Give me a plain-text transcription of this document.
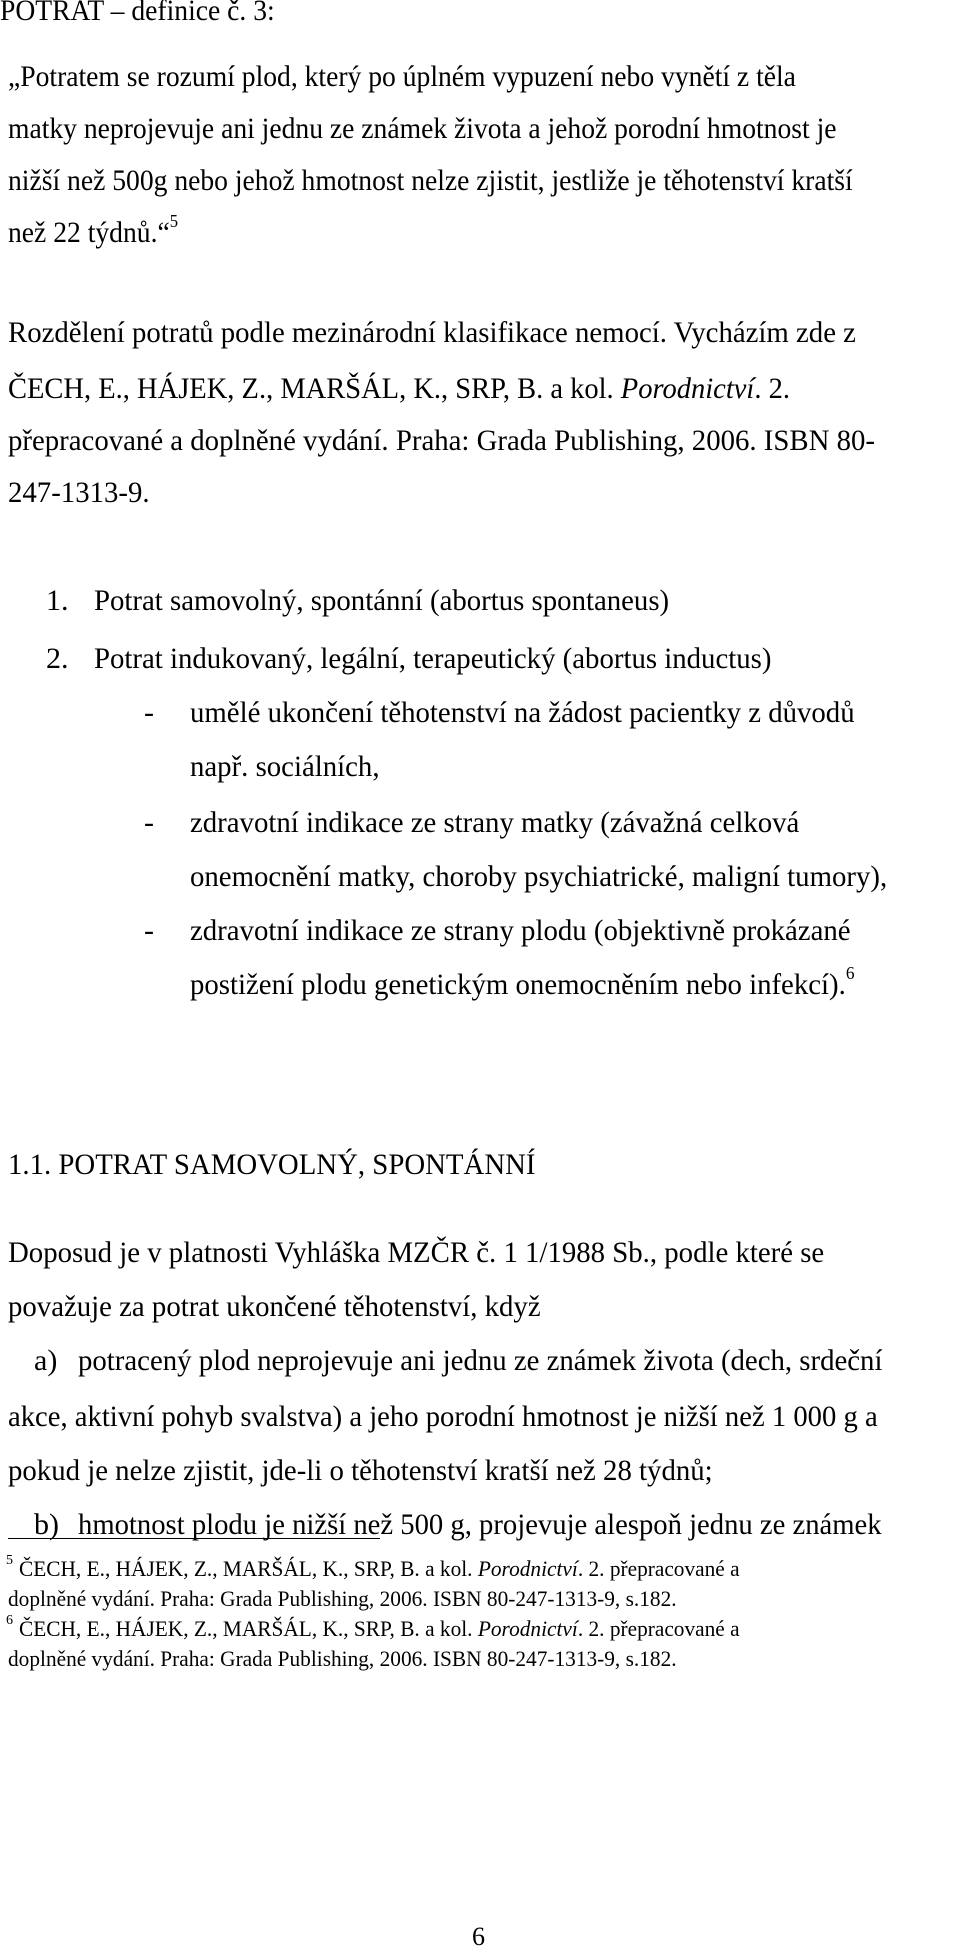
POTRAT – definice č. 3:
„Potratem se rozumí plod, který po úplném vypuzení nebo vynětí z těla
matky neprojevuje ani jednu ze známek života a jehož porodní hmotnost je
nižší než 500g nebo jehož hmotnost nelze zjistit, jestliže je těhotenství kratší
než 22 týdnů.“$^5$
Rozdělení potratů podle mezinárodní klasifikace nemocí. Vycházím zde z
ČECH, E., HÁJEK, Z., MARŠÁL, K., SRP, B. a kol. Porodnictví. 2.
přepracované a doplněné vydání. Praha: Grada Publishing, 2006. ISBN 80-
247-1313-9.
1. Potrat samovolný, spontánní (abortus spontaneus)
2. Potrat indukovaný, legální, terapeutický (abortus inductus)
- umělé ukončení těhotenství na žádost pacientky z důvodů
např. sociálních,
- zdravotní indikace ze strany matky (závažná celková
onemocnění matky, choroby psychiatrické, maligní tumory),
- zdravotní indikace ze strany plodu (objektivně prokázané
postižení plodu genetickým onemocněním nebo infekcí).$^6$
1.1. POTRAT SAMOVOLNÝ, SPONTÁNNÍ
Doposud je v platnosti Vyhláška MZČR č. 1 1/1988 Sb., podle které se
považuje za potrat ukončené těhotenství, když
a) potracený plod neprojevuje ani jednu ze známek života (dech, srdeční
akce, aktivní pohyb svalstva) a jeho porodní hmotnost je nižší než 1 000 g a
pokud je nelze zjistit, jde-li o těhotenství kratší než 28 týdnů;
b) hmotnost plodu je nižší než 500 g, projevuje alespoň jednu ze známek
$^5$ ČECH, E., HÁJEK, Z., MARŠÁL, K., SRP, B. a kol. Porodnictví. 2. přepracované a
doplněné vydání. Praha: Grada Publishing, 2006. ISBN 80-247-1313-9, s.182.
$^6$ ČECH, E., HÁJEK, Z., MARŠÁL, K., SRP, B. a kol. Porodnictví. 2. přepracované a
doplněné vydání. Praha: Grada Publishing, 2006. ISBN 80-247-1313-9, s.182.
6
